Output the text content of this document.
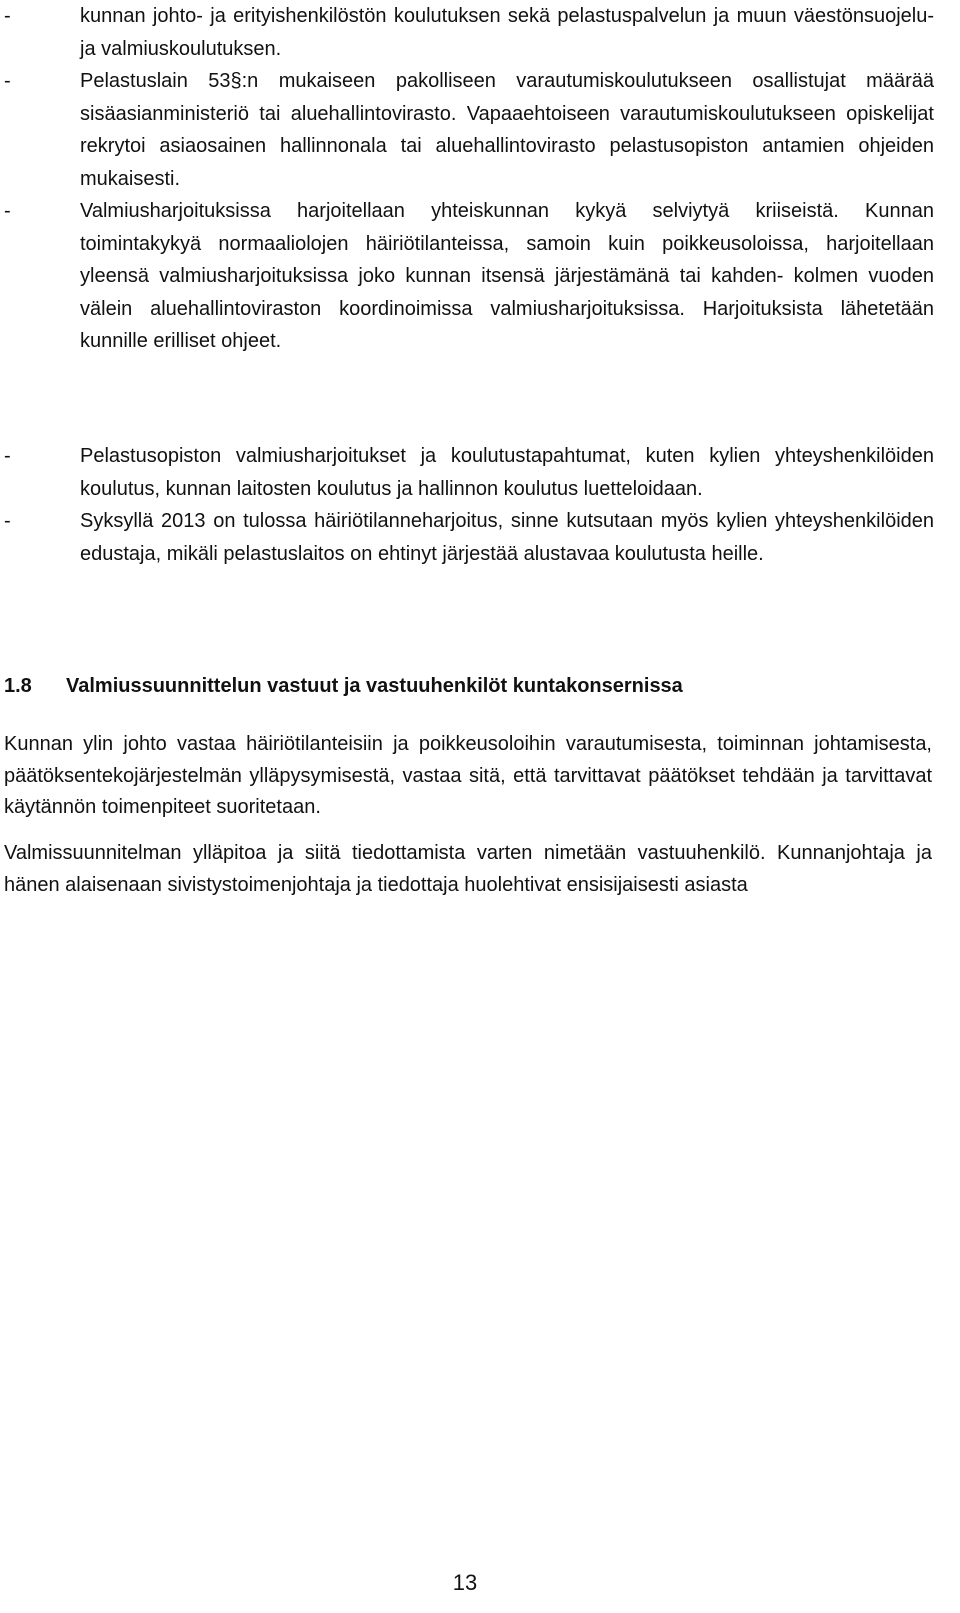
-	kunnan johto- ja erityishenkilöstön koulutuksen sekä pelastuspalvelun ja muun väestönsuojelu- ja valmiuskoulutuksen.
-	Pelastuslain 53§:n mukaiseen pakolliseen varautumiskoulutukseen osallistujat määrää sisäasianministeriö tai aluehallintovirasto. Vapaaehtoiseen varautumiskoulutukseen opiskelijat rekrytoi asiaosainen hallinnonala tai aluehallintovirasto pelastusopiston antamien ohjeiden mukaisesti.
-	Valmiusharjoituksissa harjoitellaan yhteiskunnan kykyä selviytyä kriiseistä. Kunnan toimintakykyä normaaliolojen häiriötilanteissa, samoin kuin poikkeusoloissa, harjoitellaan yleensä valmiusharjoituksissa joko kunnan itsensä järjestämänä tai kahden- kolmen vuoden välein aluehallintoviraston koordinoimissa valmiusharjoituksissa. Harjoituksista lähetetään kunnille erilliset ohjeet.
-	Pelastusopiston valmiusharjoitukset ja koulutustapahtumat, kuten kylien yhteyshenkilöiden koulutus, kunnan laitosten koulutus ja hallinnon koulutus luetteloidaan.
-	Syksyllä 2013 on tulossa häiriötilanneharjoitus, sinne kutsutaan myös kylien yhteyshenkilöiden edustaja, mikäli pelastuslaitos on ehtinyt järjestää alustavaa koulutusta heille.
1.8 Valmiussuunnittelun vastuut ja vastuuhenkilöt kuntakonsernissa
Kunnan ylin johto vastaa häiriötilanteisiin ja poikkeusoloihin varautumisesta, toiminnan johtamisesta, päätöksentekojärjestelmän ylläpysymisestä, vastaa sitä, että tarvittavat päätökset tehdään ja tarvittavat käytännön toimenpiteet suoritetaan.
Valmissuunnitelman ylläpitoa ja siitä tiedottamista varten nimetään vastuuhenkilö. Kunnanjohtaja ja hänen alaisenaan sivistystoimenjohtaja ja tiedottaja huolehtivat ensisijaisesti asiasta
13
